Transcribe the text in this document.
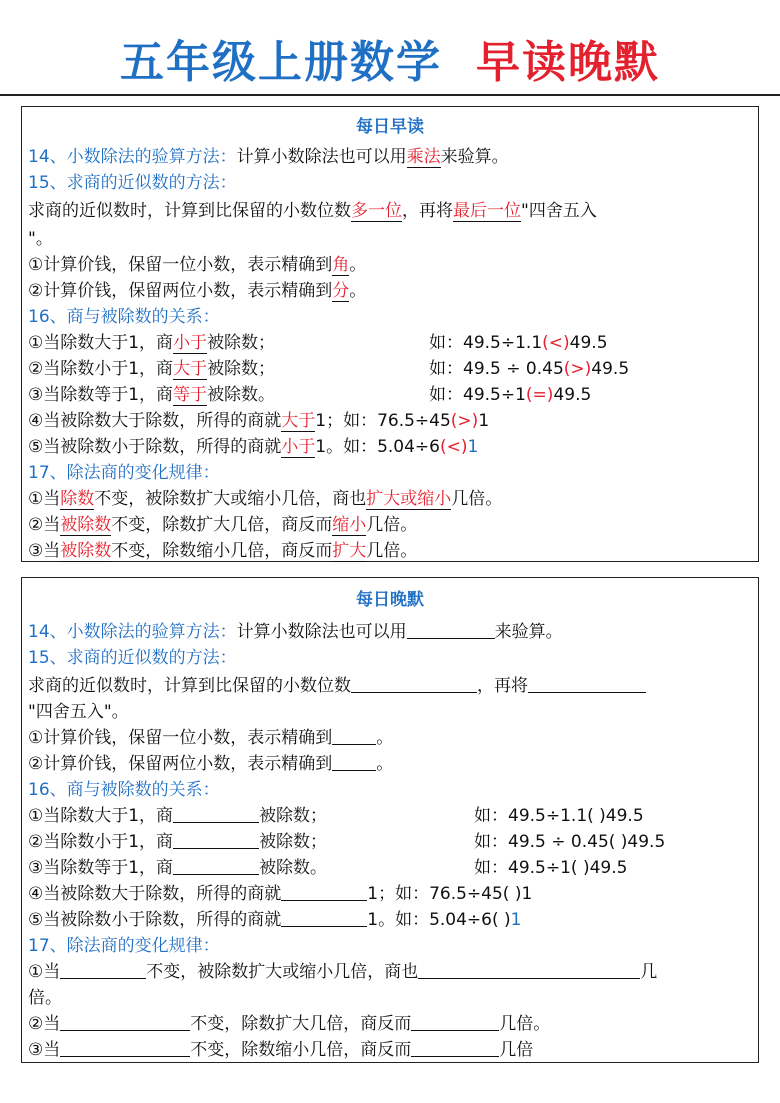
五年级上册数学 早读晚默
每日早读
14、小数除法的验算方法：计算小数除法也可以用乘法来验算。
15、求商的近似数的方法：
求商的近似数时，计算到比保留的小数位数多一位，再将最后一位"四舍五入
"。
①计算价钱，保留一位小数，表示精确到角。
②计算价钱，保留两位小数，表示精确到分。
16、商与被除数的关系：
①当除数大于1，商小于被除数；	如：49.5÷1.1(<)49.5
②当除数小于1，商大于被除数；	如：49.5 ÷ 0.45(>)49.5
③当除数等于1，商等于被除数。	如：49.5÷1(=)49.5
④当被除数大于除数，所得的商就大于1；如：76.5÷45(>)1
⑤当被除数小于除数，所得的商就小于1。如：5.04÷6(<)1
17、除法商的变化规律：
①当除数不变，被除数扩大或缩小几倍，商也扩大或缩小几倍。
②当被除数不变，除数扩大几倍，商反而缩小几倍。
③当被除数不变，除数缩小几倍，商反而扩大几倍。
每日晚默
14、小数除法的验算方法：计算小数除法也可以用	来验算。
15、求商的近似数的方法：
求商的近似数时，计算到比保留的小数位数	，再将
"四舍五入"。
①计算价钱，保留一位小数，表示精确到	。
②计算价钱，保留两位小数，表示精确到	。
16、商与被除数的关系：
①当除数大于1，商	被除数；	如：49.5÷1.1( )49.5
②当除数小于1，商	被除数；	如：49.5 ÷ 0.45( )49.5
③当除数等于1，商	被除数。	如：49.5÷1( )49.5
④当被除数大于除数，所得的商就	1；如：76.5÷45( )1
⑤当被除数小于除数，所得的商就	1。如：5.04÷6( )1
17、除法商的变化规律：
①当	不变，被除数扩大或缩小几倍，商也	几
倍。
②当	不变，除数扩大几倍，商反而	几倍。
③当	不变，除数缩小几倍，商反而	几倍
